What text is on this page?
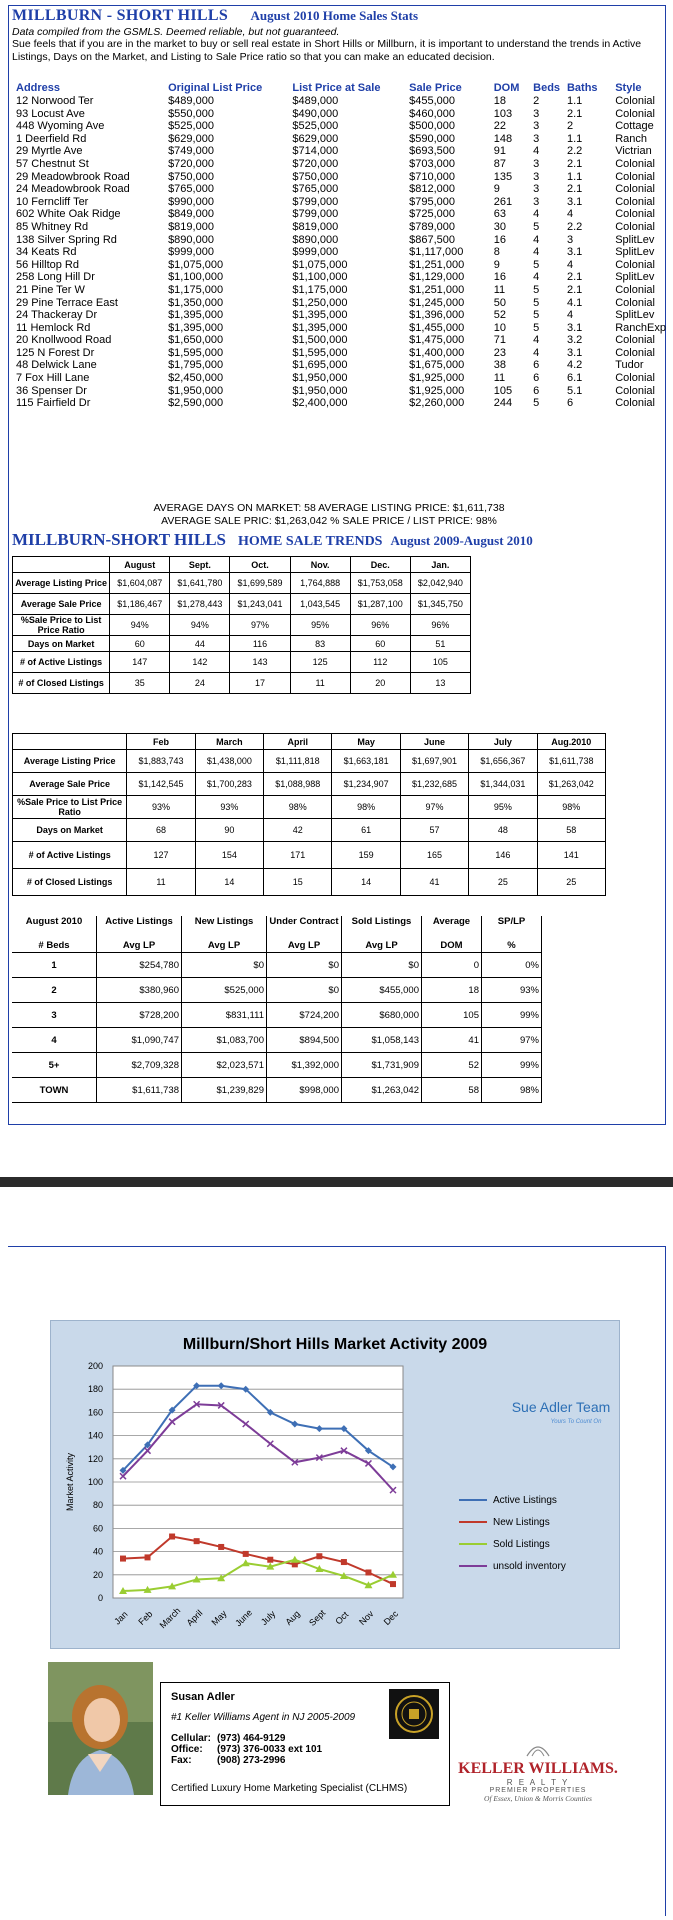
MILLBURN - SHORT HILLS August 2010 Home Sales Stats
Data compiled from the GSMLS. Deemed reliable, but not guaranteed.
Sue feels that if you are in the market to buy or sell real estate in Short Hills or Millburn, it is important to understand the trends in Active Listings, Days on the Market, and Listing to Sale Price ratio so that you can make an educated decision.
Address	Original List Price	List Price at Sale	Sale Price	DOM	Beds	Baths	Style
12 Norwood Ter	$489,000	$489,000	$455,000	18	2	1.1	Colonial
93 Locust Ave	$550,000	$490,000	$460,000	103	3	2.1	Colonial
448 Wyoming Ave	$525,000	$525,000	$500,000	22	3	2	Cottage
1 Deerfield Rd	$629,000	$629,000	$590,000	148	3	1.1	Ranch
29 Myrtle Ave	$749,000	$714,000	$693,500	91	4	2.2	Victrian
57 Chestnut St	$720,000	$720,000	$703,000	87	3	2.1	Colonial
29 Meadowbrook Road	$750,000	$750,000	$710,000	135	3	1.1	Colonial
24 Meadowbrook Road	$765,000	$765,000	$812,000	9	3	2.1	Colonial
10 Ferncliff Ter	$990,000	$799,000	$795,000	261	3	3.1	Colonial
602 White Oak Ridge	$849,000	$799,000	$725,000	63	4	4	Colonial
85 Whitney Rd	$819,000	$819,000	$789,000	30	5	2.2	Colonial
138 Silver Spring Rd	$890,000	$890,000	$867,500	16	4	3	SplitLev
34 Keats Rd	$999,000	$999,000	$1,117,000	8	4	3.1	SplitLev
56 Hilltop Rd	$1,075,000	$1,075,000	$1,251,000	9	5	4	Colonial
258 Long Hill Dr	$1,100,000	$1,100,000	$1,129,000	16	4	2.1	SplitLev
21 Pine Ter W	$1,175,000	$1,175,000	$1,251,000	11	5	2.1	Colonial
29 Pine Terrace East	$1,350,000	$1,250,000	$1,245,000	50	5	4.1	Colonial
24 Thackeray Dr	$1,395,000	$1,395,000	$1,396,000	52	5	4	SplitLev
11 Hemlock Rd	$1,395,000	$1,395,000	$1,455,000	10	5	3.1	RanchExp
20 Knollwood Road	$1,650,000	$1,500,000	$1,475,000	71	4	3.2	Colonial
125 N Forest Dr	$1,595,000	$1,595,000	$1,400,000	23	4	3.1	Colonial
48 Delwick Lane	$1,795,000	$1,695,000	$1,675,000	38	6	4.2	Tudor
7 Fox Hill Lane	$2,450,000	$1,950,000	$1,925,000	11	6	6.1	Colonial
36 Spenser Dr	$1,950,000	$1,950,000	$1,925,000	105	6	5.1	Colonial
115 Fairfield Dr	$2,590,000	$2,400,000	$2,260,000	244	5	6	Colonial
AVERAGE DAYS ON MARKET: 58 AVERAGE LISTING PRICE: $1,611,738
AVERAGE SALE PRIC: $1,263,042 % SALE PRICE / LIST PRICE: 98%
MILLBURN-SHORT HILLS HOME SALE TRENDS August 2009-August 2010
	August	Sept.	Oct.	Nov.	Dec.	Jan.
Average Listing Price	$1,604,087	$1,641,780	$1,699,589	1,764,888	$1,753,058	$2,042,940
Average Sale Price	$1,186,467	$1,278,443	$1,243,041	1,043,545	$1,287,100	$1,345,750
%Sale Price to List Price Ratio	94%	94%	97%	95%	96%	96%
Days on Market	60	44	116	83	60	51
# of Active Listings	147	142	143	125	112	105
# of Closed Listings	35	24	17	11	20	13
	Feb	March	April	May	June	July	Aug.2010
Average Listing Price	$1,883,743	$1,438,000	$1,111,818	$1,663,181	$1,697,901	$1,656,367	$1,611,738
Average Sale Price	$1,142,545	$1,700,283	$1,088,988	$1,234,907	$1,232,685	$1,344,031	$1,263,042
%Sale Price to List Price Ratio	93%	93%	98%	98%	97%	95%	98%
Days on Market	68	90	42	61	57	48	58
# of Active Listings	127	154	171	159	165	146	141
# of Closed Listings	11	14	15	14	41	25	25
August 2010	Active Listings	New Listings	Under Contract	Sold Listings	Average	SP/LP
# Beds	Avg LP	Avg LP	Avg LP	Avg LP	DOM	%
1	$254,780	$0	$0	$0	0	0%
2	$380,960	$525,000	$0	$455,000	18	93%
3	$728,200	$831,111	$724,200	$680,000	105	99%
4	$1,090,747	$1,083,700	$894,500	$1,058,143	41	97%
5+	$2,709,328	$2,023,571	$1,392,000	$1,731,909	52	99%
TOWN	$1,611,738	$1,239,829	$998,000	$1,263,042	58	98%
Millburn/Short Hills Market Activity 2009
0
20
40
60
80
100
120
140
160
180
200
Market Activity
Jan Feb March April May June July Aug Sept Oct Nov Dec
Active Listings
New Listings
Sold Listings
unsold inventory
Sue Adler Team
Yours To Count On
Susan Adler
#1 Keller Williams Agent in NJ 2005-2009
Cellular: (973) 464-9129
Office: (973) 376-0033 ext 101
Fax:	(908) 273-2996
Certified Luxury Home Marketing Specialist (CLHMS)
KELLER WILLIAMS.
R E A L T Y
PREMIER PROPERTIES
Of Essex, Union & Morris Counties
